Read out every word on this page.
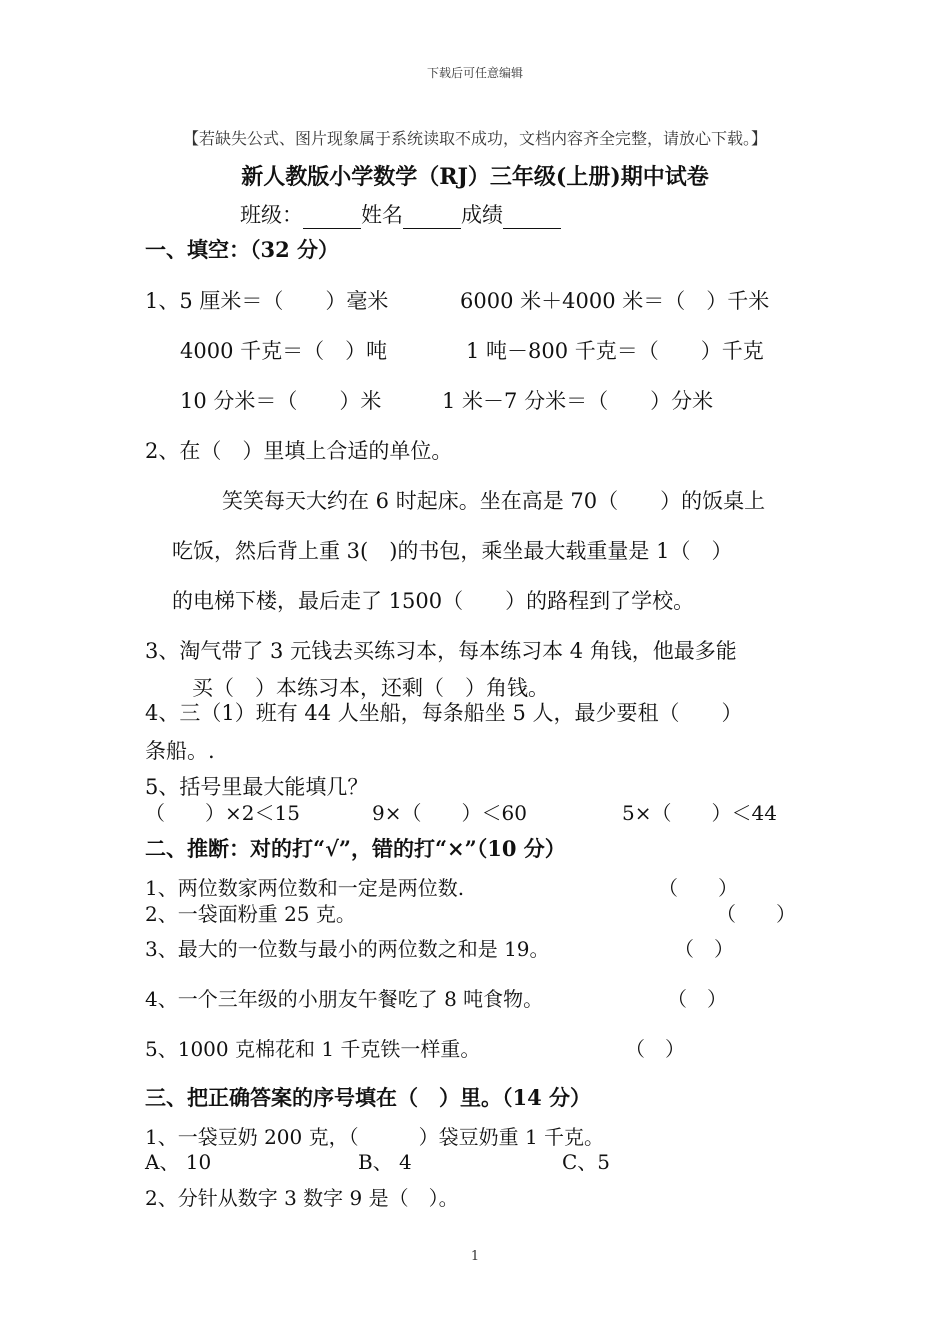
下载后可任意编辑
【若缺失公式、图片现象属于系统读取不成功，文档内容齐全完整，请放心下载。】
新人教版小学数学（RJ）三年级(上册)期中试卷
班级：	姓名	成绩
一、填空：（32 分）
1、5 厘米＝（　　）毫米	6000 米＋4000 米＝（　）千米
4000 千克＝（　）吨	1 吨－800 千克＝（　　）千克
10 分米＝（　　）米	1 米－7 分米＝（　　）分米
2、在（　）里填上合适的单位。
笑笑每天大约在 6 时起床。坐在高是 70（　　）的饭桌上
吃饭，然后背上重 3(　)的书包，乘坐最大载重量是 1（　）
的电梯下楼，最后走了 1500（　　）的路程到了学校。
3、淘气带了 3 元钱去买练习本，每本练习本 4 角钱，他最多能
买（　）本练习本，还剩（　）角钱。
4、三（1）班有 44 人坐船，每条船坐 5 人，最少要租（　　）
条船。.
5、括号里最大能填几？
（　　）×2＜15	9×（　　）＜60	5×（　　）＜44
二、推断：对的打“√”，错的打“×”（10 分）
1、两位数家两位数和一定是两位数.	（　　）
2、一袋面粉重 25 克。	（　　）
3、最大的一位数与最小的两位数之和是 19。	（　）
4、一个三年级的小朋友午餐吃了 8 吨食物。	（　）
5、1000 克棉花和 1 千克铁一样重。	（　）
三、把正确答案的序号填在（　）里。（14 分）
1、一袋豆奶 200 克，（　　　）袋豆奶重 1 千克。
A、 10	B、 4	C、5
2、分针从数字 3 数字 9 是（　）。
1
